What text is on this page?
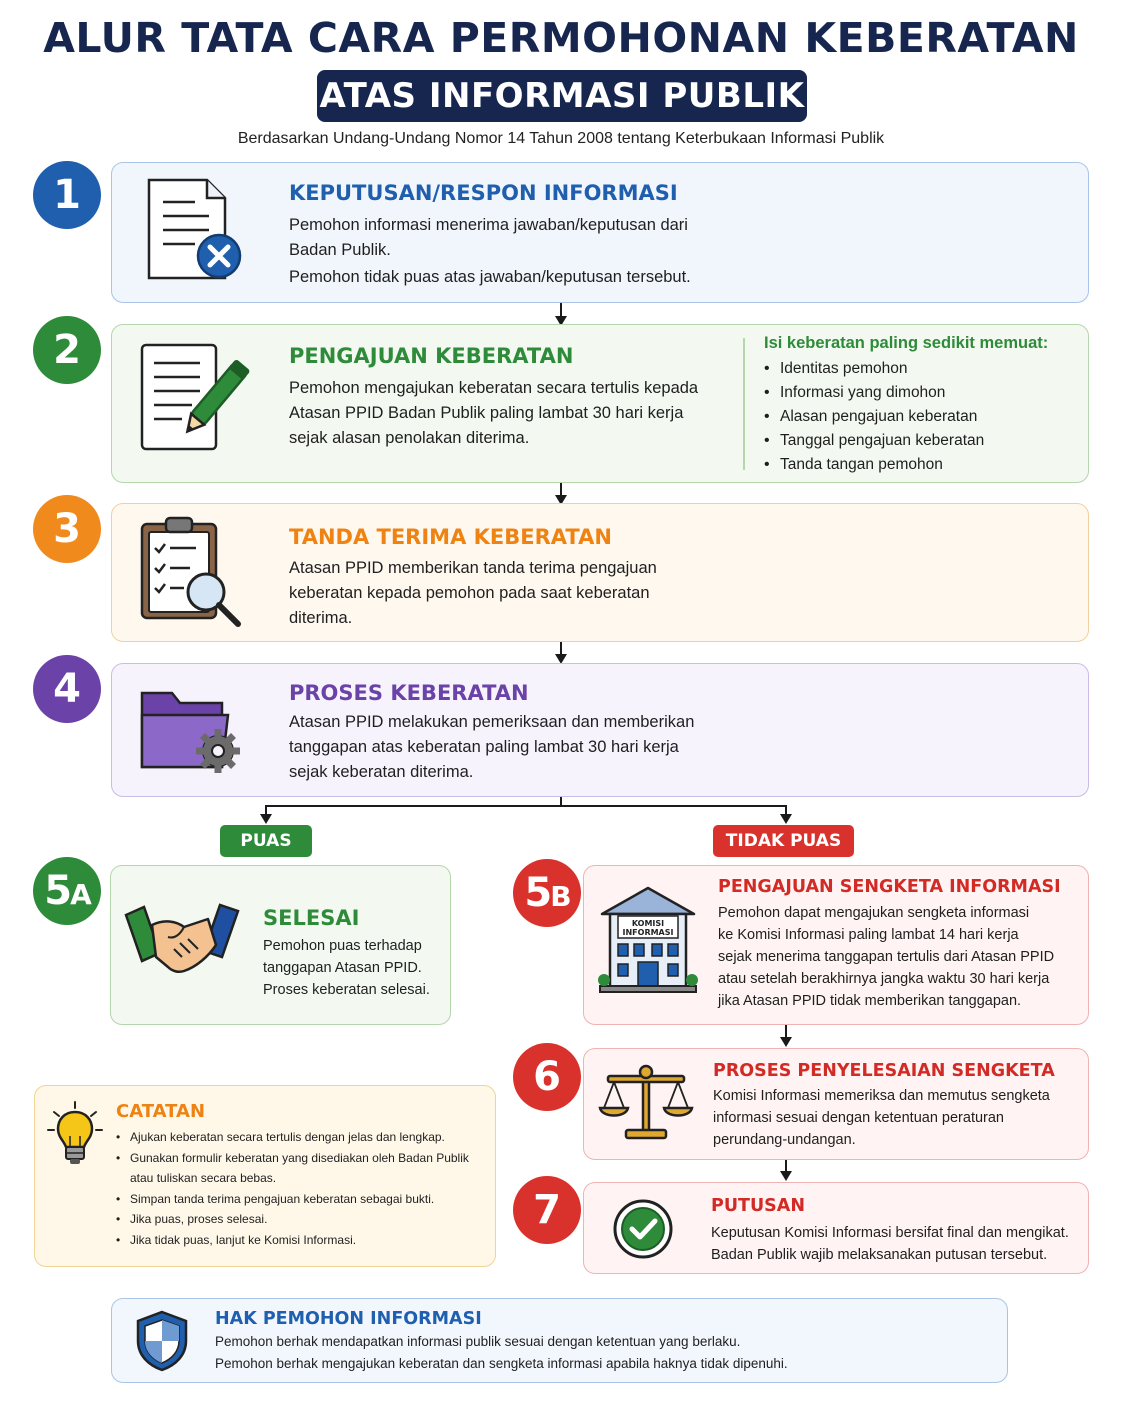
ALUR TATA CARA PERMOHONAN KEBERATAN
ATAS INFORMASI PUBLIK
Berdasarkan Undang-Undang Nomor 14 Tahun 2008 tentang Keterbukaan Informasi Publik
1	KEPUTUSAN/RESPON INFORMASI
Pemohon informasi menerima jawaban/keputusan dari
Badan Publik.
Pemohon tidak puas atas jawaban/keputusan tersebut.
2	PENGAJUAN KEBERATAN
Pemohon mengajukan keberatan secara tertulis kepada
Atasan PPID Badan Publik paling lambat 30 hari kerja
sejak alasan penolakan diterima.
Isi keberatan paling sedikit memuat:
• Identitas pemohon
• Informasi yang dimohon
• Alasan pengajuan keberatan
• Tanggal pengajuan keberatan
• Tanda tangan pemohon
3	TANDA TERIMA KEBERATAN
Atasan PPID memberikan tanda terima pengajuan
keberatan kepada pemohon pada saat keberatan
diterima.
4	PROSES KEBERATAN
Atasan PPID melakukan pemeriksaan dan memberikan
tanggapan atas keberatan paling lambat 30 hari kerja
sejak keberatan diterima.
PUAS	TIDAK PUAS
5A
SELESAI
Pemohon puas terhadap
tanggapan Atasan PPID.
Proses keberatan selesai.
5B
KOMISI
INFORMASI
PENGAJUAN SENGKETA INFORMASI
Pemohon dapat mengajukan sengketa informasi
ke Komisi Informasi paling lambat 14 hari kerja
sejak menerima tanggapan tertulis dari Atasan PPID
atau setelah berakhirnya jangka waktu 30 hari kerja
jika Atasan PPID tidak memberikan tanggapan.
6	PROSES PENYELESAIAN SENGKETA
Komisi Informasi memeriksa dan memutus sengketa
informasi sesuai dengan ketentuan peraturan
perundang-undangan.
7	PUTUSAN
Keputusan Komisi Informasi bersifat final dan mengikat.
Badan Publik wajib melaksanakan putusan tersebut.
CATATAN
• Ajukan keberatan secara tertulis dengan jelas dan lengkap.
• Gunakan formulir keberatan yang disediakan oleh Badan Publik atau tuliskan secara bebas.
• Simpan tanda terima pengajuan keberatan sebagai bukti.
• Jika puas, proses selesai.
• Jika tidak puas, lanjut ke Komisi Informasi.
HAK PEMOHON INFORMASI
Pemohon berhak mendapatkan informasi publik sesuai dengan ketentuan yang berlaku.
Pemohon berhak mengajukan keberatan dan sengketa informasi apabila haknya tidak dipenuhi.
